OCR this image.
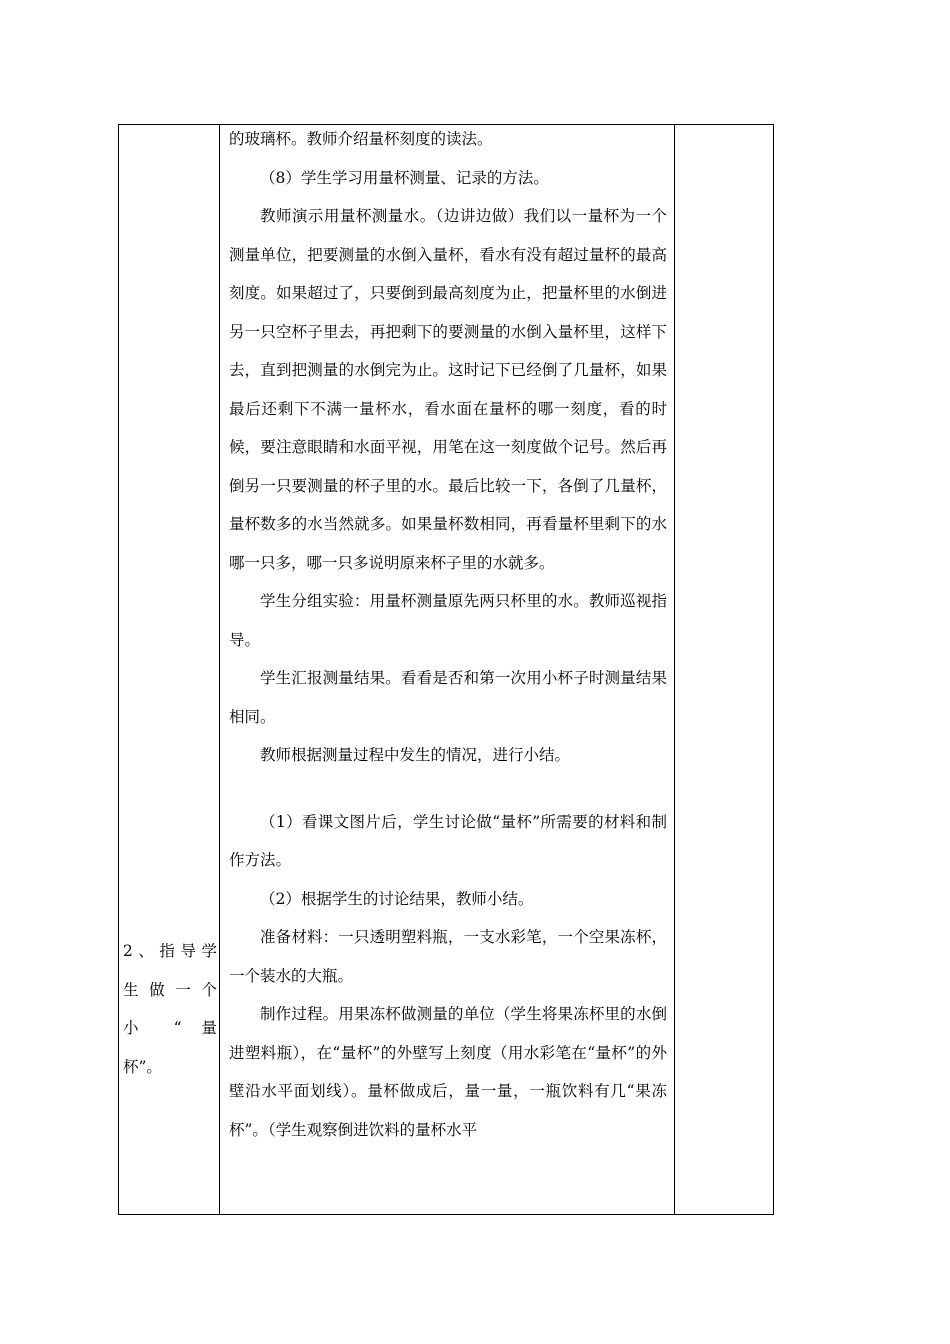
2、指导学
生 做 一 个
小 “ 量
杯”。

的玻璃杯。教师介绍量杯刻度的读法。

（8）学生学习用量杯测量、记录的方法。

教师演示用量杯测量水。（边讲边做）我们以一量杯为一个测量单位，把要测量的水倒入量杯，看水有没有超过量杯的最高刻度。如果超过了，只要倒到最高刻度为止，把量杯里的水倒进另一只空杯子里去，再把剩下的要测量的水倒入量杯里，这样下去，直到把测量的水倒完为止。这时记下已经倒了几量杯，如果最后还剩下不满一量杯水，看水面在量杯的哪一刻度，看的时候，要注意眼睛和水面平视，用笔在这一刻度做个记号。然后再倒另一只要测量的杯子里的水。最后比较一下，各倒了几量杯，量杯数多的水当然就多。如果量杯数相同，再看量杯里剩下的水哪一只多，哪一只多说明原来杯子里的水就多。

学生分组实验：用量杯测量原先两只杯里的水。教师巡视指导。

学生汇报测量结果。看看是否和第一次用小杯子时测量结果相同。

教师根据测量过程中发生的情况，进行小结。

（1）看课文图片后，学生讨论做“量杯”所需要的材料和制作方法。

（2）根据学生的讨论结果，教师小结。

准备材料：一只透明塑料瓶，一支水彩笔，一个空果冻杯，一个装水的大瓶。

制作过程。用果冻杯做测量的单位（学生将果冻杯里的水倒进塑料瓶），在“量杯”的外壁写上刻度（用水彩笔在“量杯”的外壁沿水平面划线）。量杯做成后，量一量，一瓶饮料有几“果冻杯”。（学生观察倒进饮料的量杯水平
